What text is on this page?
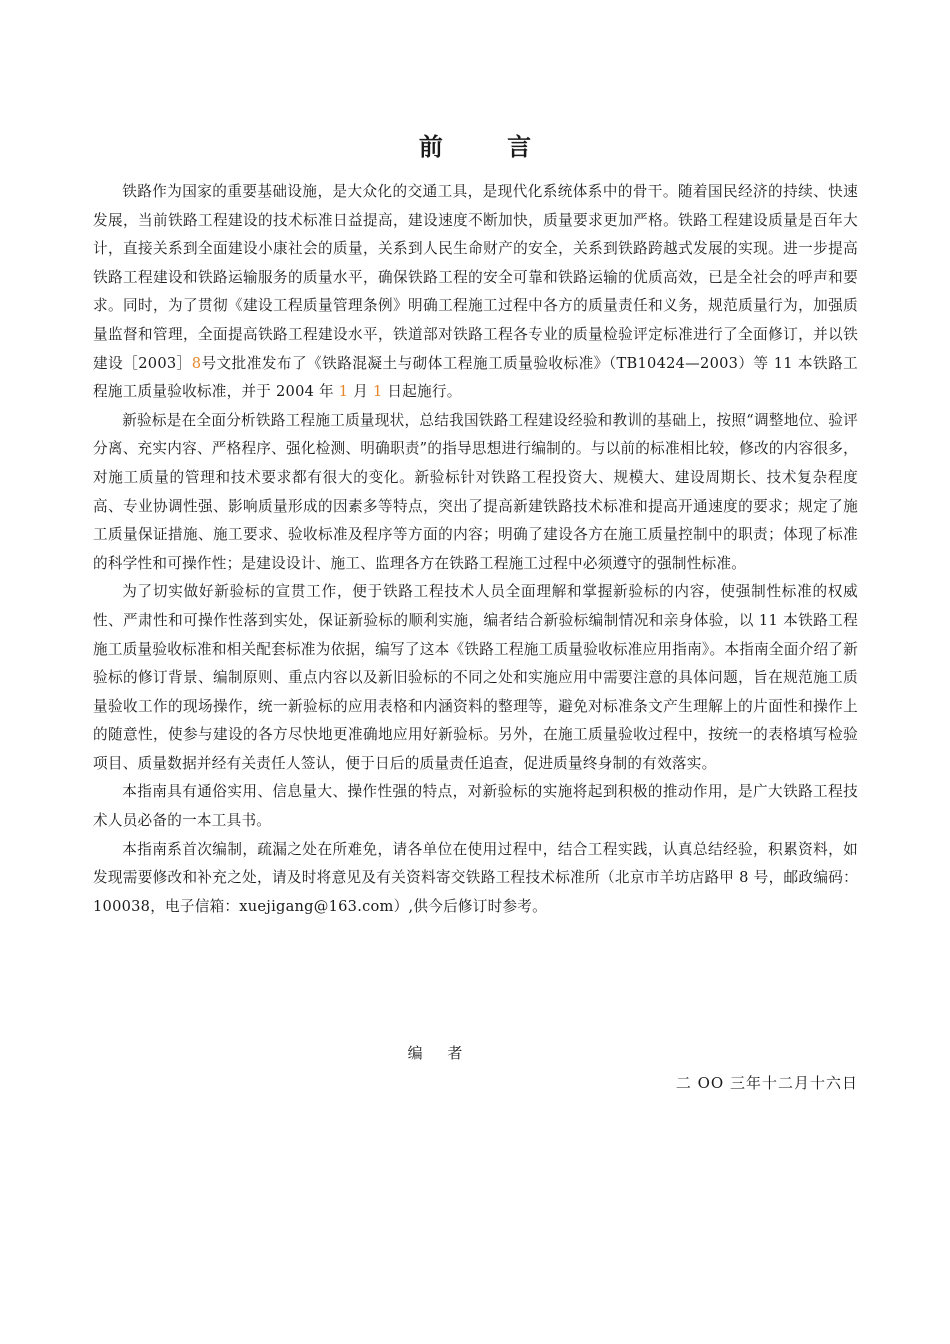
前 言

铁路作为国家的重要基础设施，是大众化的交通工具，是现代化系统体系中的骨干。随着国民经济的持续、快速发展，当前铁路工程建设的技术标准日益提高，建设速度不断加快，质量要求更加严格。铁路工程建设质量是百年大计，直接关系到全面建设小康社会的质量，关系到人民生命财产的安全，关系到铁路跨越式发展的实现。进一步提高铁路工程建设和铁路运输服务的质量水平，确保铁路工程的安全可靠和铁路运输的优质高效，已是全社会的呼声和要求。同时，为了贯彻《建设工程质量管理条例》明确工程施工过程中各方的质量责任和义务，规范质量行为，加强质量监督和管理，全面提高铁路工程建设水平，铁道部对铁路工程各专业的质量检验评定标准进行了全面修订，并以铁建设［2003］8号文批准发布了《铁路混凝土与砌体工程施工质量验收标准》（TB10424—2003）等 11 本铁路工程施工质量验收标准，并于 2004 年 1 月 1 日起施行。

新验标是在全面分析铁路工程施工质量现状，总结我国铁路工程建设经验和教训的基础上，按照“调整地位、验评分离、充实内容、严格程序、强化检测、明确职责”的指导思想进行编制的。与以前的标准相比较，修改的内容很多，对施工质量的管理和技术要求都有很大的变化。新验标针对铁路工程投资大、规模大、建设周期长、技术复杂程度高、专业协调性强、影响质量形成的因素多等特点，突出了提高新建铁路技术标准和提高开通速度的要求；规定了施工质量保证措施、施工要求、验收标准及程序等方面的内容；明确了建设各方在施工质量控制中的职责；体现了标准的科学性和可操作性；是建设设计、施工、监理各方在铁路工程施工过程中必须遵守的强制性标准。

为了切实做好新验标的宣贯工作，便于铁路工程技术人员全面理解和掌握新验标的内容，使强制性标准的权威性、严肃性和可操作性落到实处，保证新验标的顺利实施，编者结合新验标编制情况和亲身体验，以 11 本铁路工程施工质量验收标准和相关配套标准为依据，编写了这本《铁路工程施工质量验收标准应用指南》。本指南全面介绍了新验标的修订背景、编制原则、重点内容以及新旧验标的不同之处和实施应用中需要注意的具体问题，旨在规范施工质量验收工作的现场操作，统一新验标的应用表格和内涵资料的整理等，避免对标准条文产生理解上的片面性和操作上的随意性，使参与建设的各方尽快地更准确地应用好新验标。另外，在施工质量验收过程中，按统一的表格填写检验项目、质量数据并经有关责任人签认，便于日后的质量责任追查，促进质量终身制的有效落实。

本指南具有通俗实用、信息量大、操作性强的特点，对新验标的实施将起到积极的推动作用，是广大铁路工程技术人员必备的一本工具书。

本指南系首次编制，疏漏之处在所难免，请各单位在使用过程中，结合工程实践，认真总结经验，积累资料，如发现需要修改和补充之处，请及时将意见及有关资料寄交铁路工程技术标准所（北京市羊坊店路甲 8 号，邮政编码：100038，电子信箱：xuejigang@163.com）,供今后修订时参考。

编 者
二 OO 三年十二月十六日
